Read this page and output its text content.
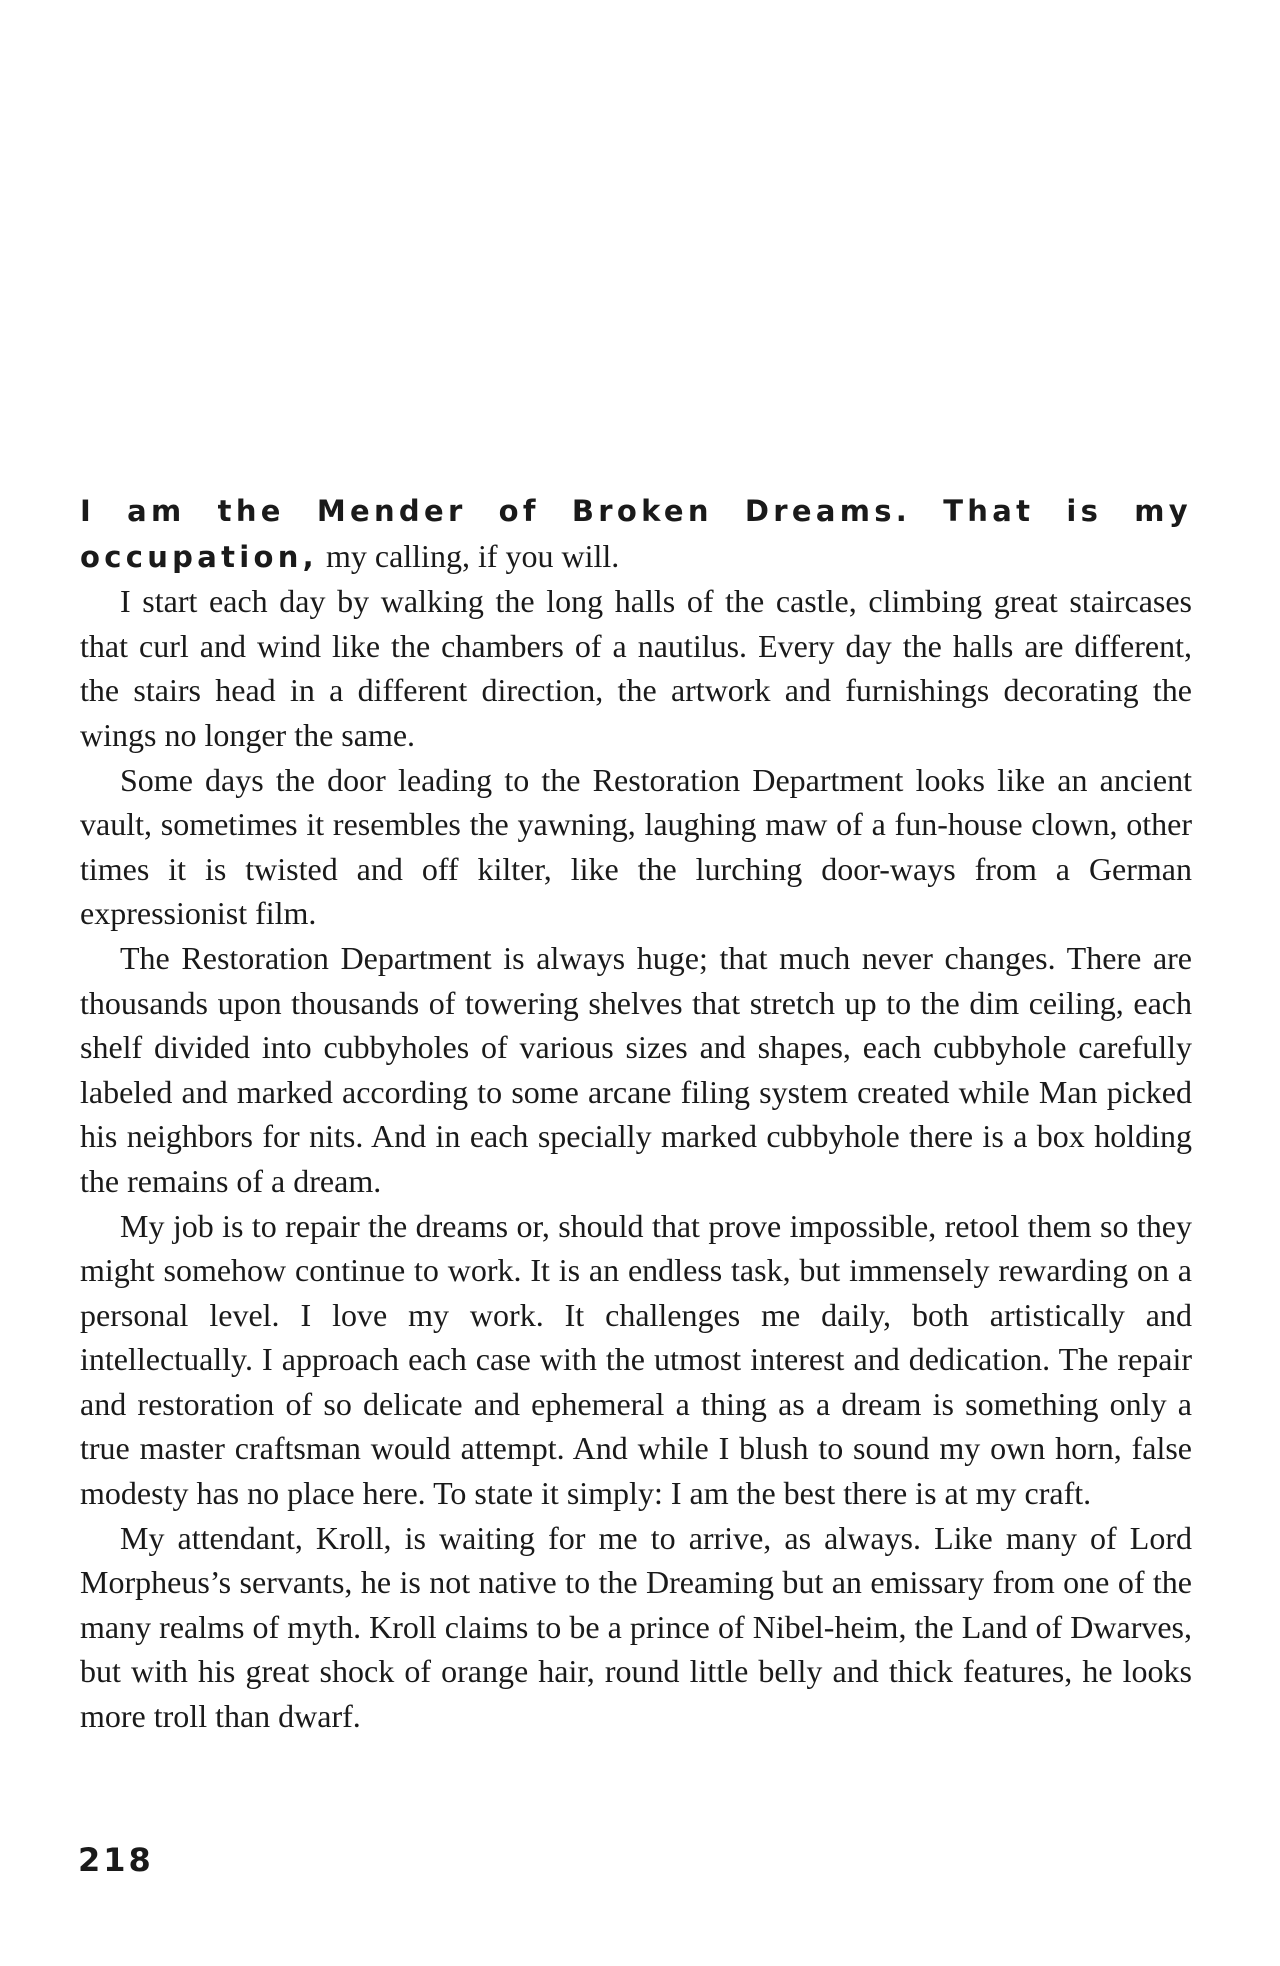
I am the Mender of Broken Dreams. That is my occupation, my calling, if you will.

I start each day by walking the long halls of the castle, climbing great staircases that curl and wind like the chambers of a nautilus. Every day the halls are different, the stairs head in a different direction, the artwork and furnishings decorating the wings no longer the same.

Some days the door leading to the Restoration Department looks like an ancient vault, sometimes it resembles the yawning, laughing maw of a fun-house clown, other times it is twisted and off kilter, like the lurching door-ways from a German expressionist film.

The Restoration Department is always huge; that much never changes. There are thousands upon thousands of towering shelves that stretch up to the dim ceiling, each shelf divided into cubbyholes of various sizes and shapes, each cubbyhole carefully labeled and marked according to some arcane filing system created while Man picked his neighbors for nits. And in each specially marked cubbyhole there is a box holding the remains of a dream.

My job is to repair the dreams or, should that prove impossible, retool them so they might somehow continue to work. It is an endless task, but immensely rewarding on a personal level. I love my work. It challenges me daily, both artistically and intellectually. I approach each case with the utmost interest and dedication. The repair and restoration of so delicate and ephemeral a thing as a dream is something only a true master craftsman would attempt. And while I blush to sound my own horn, false modesty has no place here. To state it simply: I am the best there is at my craft.

My attendant, Kroll, is waiting for me to arrive, as always. Like many of Lord Morpheus’s servants, he is not native to the Dreaming but an emissary from one of the many realms of myth. Kroll claims to be a prince of Nibel-heim, the Land of Dwarves, but with his great shock of orange hair, round little belly and thick features, he looks more troll than dwarf.

218
